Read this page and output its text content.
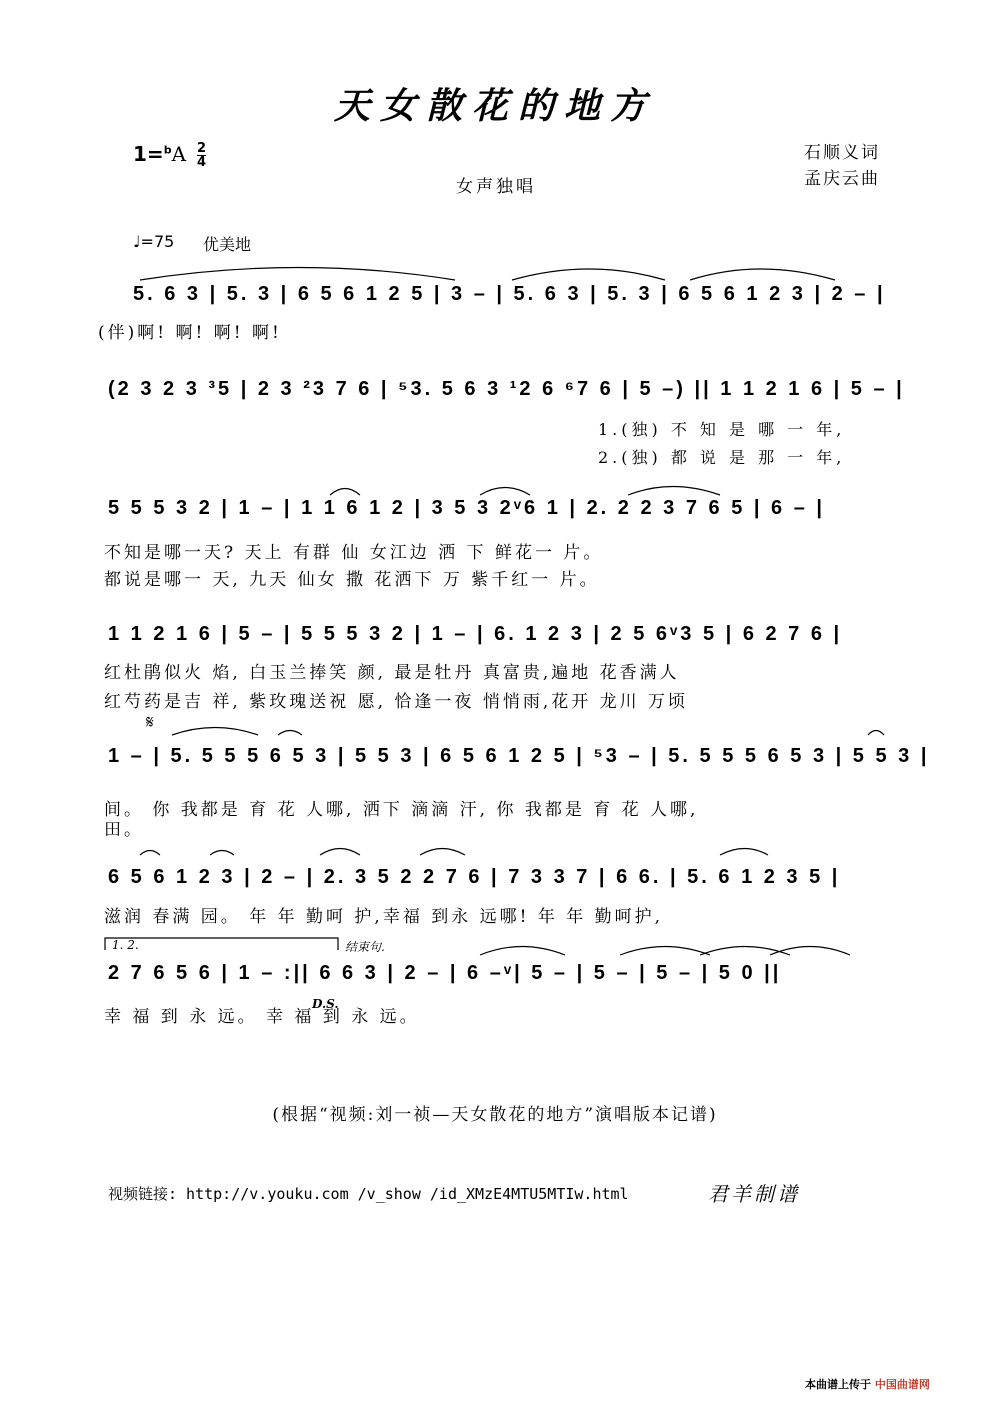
天女散花的地方
$1=^bA \frac{2}{4}$	石顺义词
孟庆云曲
女声独唱
♩=75 优美地
5. 6 3 | 5. 3 | 6 5 6 1 2 5 | 3 – | 5. 6 3 | 5. 3 | 6 5 6 1 2 3 | 2 – |
(伴)啊! 啊! 啊! 啊!
(2 3 2 3 ³5 | 2 3 ²3 7 6 | ⁵3. 5 6 3 ¹2 6 ⁶7 6 | 5 –) || 1 1 2 1 6 | 5 – |
1.(独) 不 知 是 哪 一 年,
2.(独) 都 说 是 那 一 年,
5 5 5 3 2 | 1 – | 1 1 6 1 2 | 3 5 3 2ᵛ6 1 | 2. 2 2 3 7 6 5 | 6 – |
不知是哪一天? 天上 有群 仙 女江边 洒 下 鲜花一 片。
都说是哪一 天, 九天 仙女 撒 花洒下 万 紫千红一 片。
1 1 2 1 6 | 5 – | 5 5 5 3 2 | 1 – | 6. 1 2 3 | 2 5 6ᵛ3 5 | 6 2 7 6 |
红杜鹃似火 焰, 白玉兰捧笑 颜, 最是牡丹 真富贵,遍地 花香满人
红芍药是吉 祥, 紫玫瑰送祝 愿, 恰逢一夜 悄悄雨,花开 龙川 万顷
𝄋
1 – | 5. 5 5 5 6 5 3 | 5 5 3 | 6 5 6 1 2 5 | ⁵3 – | 5. 5 5 5 6 5 3 | 5 5 3 |
间。 你 我都是 育 花 人哪, 洒下 滴滴 汗, 你 我都是 育 花 人哪,
田。
6 5 6 1 2 3 | 2 – | 2. 3 5 2 2 7 6 | 7 3 3 7 | 6 6. | 5. 6 1 2 3 5 |
滋润 春满 园。 年 年 勤呵 护,幸福 到永 远哪! 年 年 勤呵护,
1. 2.	结束句.
2 7 6 5 6 | 1 – :|| 6 6 3 | 2 – | 6 –ᵛ| 5 – | 5 – | 5 – | 5 0 ||
D.S.
幸 福 到 永 远。 幸 福 到 永 远。
(根据“视频:刘一祯—天女散花的地方”演唱版本记谱)
视频链接: http://v.youku.com /v_show /id_XMzE4MTU5MTIw.html	君羊制谱
本曲谱上传于 中国曲谱网
